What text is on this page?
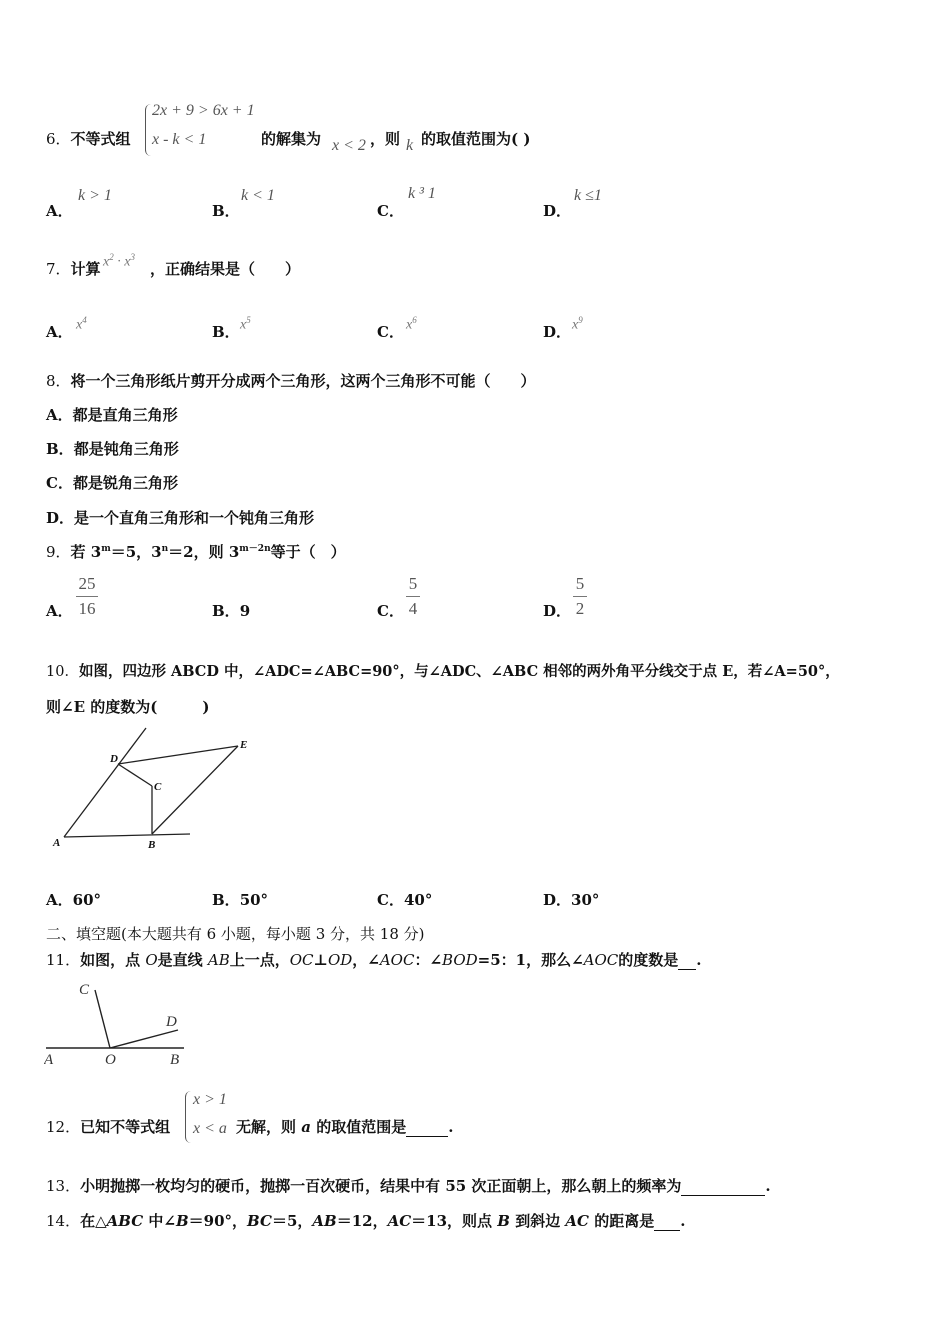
6．不等式组
2x + 9 > 6x + 1
x - k < 1	的解集为 x < 2 ，则 k 的取值范围为( )
A．
k > 1
B．
k < 1
C．
k ³ 1
D．
k ≤1
7．计算 $x^2 \cdot x^3$
，正确结果是（　　）
A． $x^4$
B． $x^5$
C． $x^6$
D． $x^9$
8．将一个三角形纸片剪开分成两个三角形，这两个三角形不可能（　　）
A．都是直角三角形
B．都是钝角三角形
C．都是锐角三角形
D．是一个直角三角形和一个钝角三角形
9．若 $3^m=5$，$3^n=2$，则 $3^{m-2n}$等于（　）
A．
25
16	B．9	C．
5
4	D．
5
2
10．如图，四边形 ABCD 中，∠ADC=∠ABC=90°，与∠ADC、∠ABC 相邻的两外角平分线交于点 E，若∠A=50°，
则∠E 的度数为(　　　)
A	B
C
D
E
A．60°	B．50°	C．40°	D．30°
二、填空题(本大题共有 6 小题，每小题 3 分，共 18 分)
11．如图，点 O是直线 AB上一点，OC⊥OD，∠AOC：∠BOD=5：1，那么∠AOC的度数是 .
A	O	B
C
D
12．已知不等式组
x > 1
x < a 无解，则 a 的取值范围是	.
13．小明抛掷一枚均匀的硬币，抛掷一百次硬币，结果中有 55 次正面朝上，那么朝上的频率为	.
14．在△ABC 中∠B＝90°，BC＝5，AB＝12，AC＝13，则点 B 到斜边 AC 的距离是 .
